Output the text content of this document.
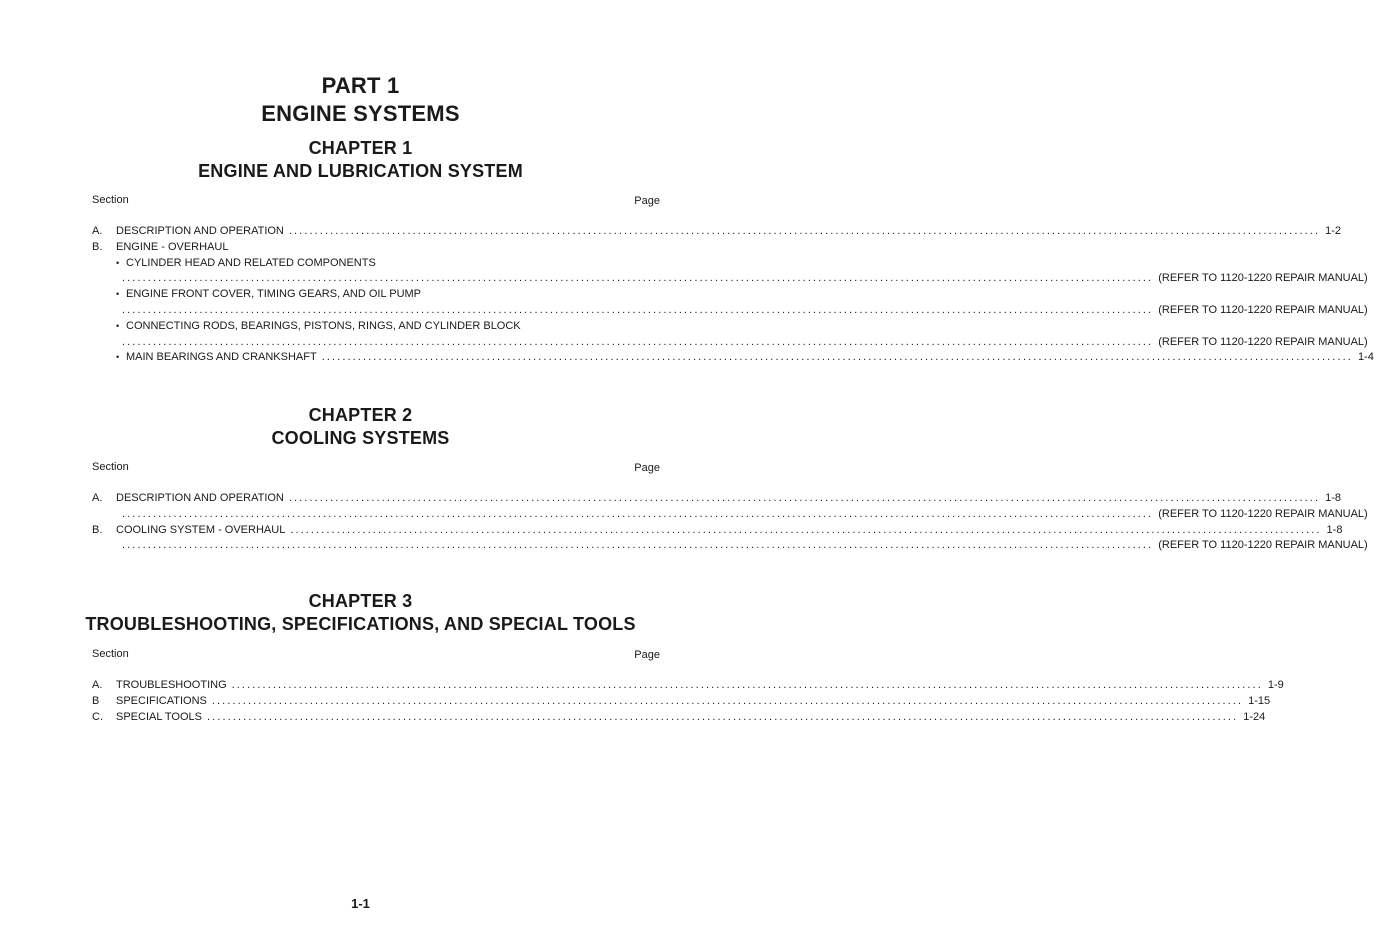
PART 1
ENGINE SYSTEMS
CHAPTER 1
ENGINE AND LUBRICATION SYSTEM
Section	Page
A.	DESCRIPTION AND OPERATION ........................................................................................................................................................................................................ 1-2
B.	ENGINE - OVERHAUL
• CYLINDER HEAD AND RELATED COMPONENTS
........................................................................................................................................................................................................ (REFER TO 1120-1220 REPAIR MANUAL)
• ENGINE FRONT COVER, TIMING GEARS, AND OIL PUMP
........................................................................................................................................................................................................ (REFER TO 1120-1220 REPAIR MANUAL)
• CONNECTING RODS, BEARINGS, PISTONS, RINGS, AND CYLINDER BLOCK
........................................................................................................................................................................................................ (REFER TO 1120-1220 REPAIR MANUAL)
• MAIN BEARINGS AND CRANKSHAFT ........................................................................................................................................................................................................ 1-4
CHAPTER 2
COOLING SYSTEMS
Section	Page
A.	DESCRIPTION AND OPERATION ........................................................................................................................................................................................................ 1-8
........................................................................................................................................................................................................ (REFER TO 1120-1220 REPAIR MANUAL)
B.	COOLING SYSTEM - OVERHAUL ........................................................................................................................................................................................................ 1-8
........................................................................................................................................................................................................ (REFER TO 1120-1220 REPAIR MANUAL)
CHAPTER 3
TROUBLESHOOTING, SPECIFICATIONS, AND SPECIAL TOOLS
Section	Page
A.	TROUBLESHOOTING ........................................................................................................................................................................................................ 1-9
B	SPECIFICATIONS ........................................................................................................................................................................................................ 1-15
C.	SPECIAL TOOLS ........................................................................................................................................................................................................ 1-24
1-1
